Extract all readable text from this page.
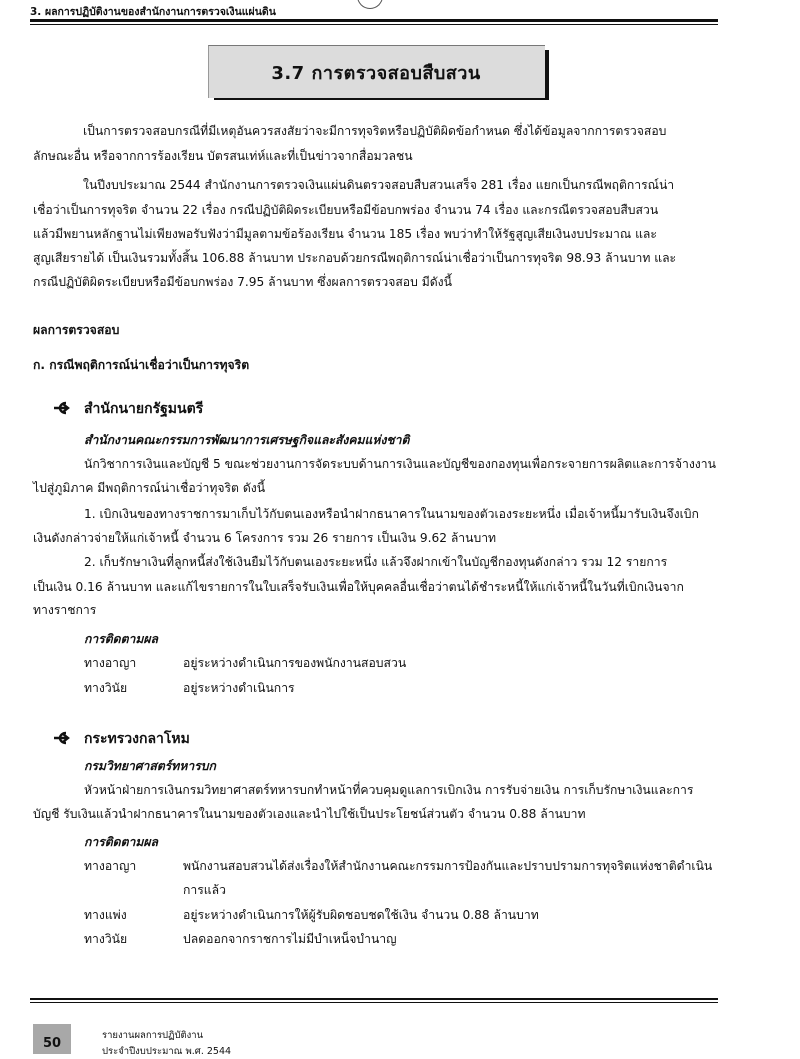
3. ผลการปฏิบัติงานของสำนักงานการตรวจเงินแผ่นดิน
3.7 การตรวจสอบสืบสวน
เป็นการตรวจสอบกรณีที่มีเหตุอันควรสงสัยว่าจะมีการทุจริตหรือปฏิบัติผิดข้อกำหนด ซึ่งได้ข้อมูลจากการตรวจสอบ
ลักษณะอื่น หรือจากการร้องเรียน บัตรสนเท่ห์และที่เป็นข่าวจากสื่อมวลชน
ในปีงบประมาณ 2544 สำนักงานการตรวจเงินแผ่นดินตรวจสอบสืบสวนเสร็จ 281 เรื่อง แยกเป็นกรณีพฤติการณ์น่า
เชื่อว่าเป็นการทุจริต จำนวน 22 เรื่อง กรณีปฏิบัติผิดระเบียบหรือมีข้อบกพร่อง จำนวน 74 เรื่อง และกรณีตรวจสอบสืบสวน
แล้วมีพยานหลักฐานไม่เพียงพอรับฟังว่ามีมูลตามข้อร้องเรียน จำนวน 185 เรื่อง พบว่าทำให้รัฐสูญเสียเงินงบประมาณ และ
สูญเสียรายได้ เป็นเงินรวมทั้งสิ้น 106.88 ล้านบาท ประกอบด้วยกรณีพฤติการณ์น่าเชื่อว่าเป็นการทุจริต 98.93 ล้านบาท และ
กรณีปฏิบัติผิดระเบียบหรือมีข้อบกพร่อง 7.95 ล้านบาท ซึ่งผลการตรวจสอบ มีดังนี้
ผลการตรวจสอบ
ก. กรณีพฤติการณ์น่าเชื่อว่าเป็นการทุจริต
สำนักนายกรัฐมนตรี
สำนักงานคณะกรรมการพัฒนาการเศรษฐกิจและสังคมแห่งชาติ
นักวิชาการเงินและบัญชี 5 ขณะช่วยงานการจัดระบบด้านการเงินและบัญชีของกองทุนเพื่อกระจายการผลิตและการจ้างงาน
ไปสู่ภูมิภาค มีพฤติการณ์น่าเชื่อว่าทุจริต ดังนี้
1. เบิกเงินของทางราชการมาเก็บไว้กับตนเองหรือนำฝากธนาคารในนามของตัวเองระยะหนึ่ง เมื่อเจ้าหนี้มารับเงินจึงเบิก
เงินดังกล่าวจ่ายให้แก่เจ้าหนี้ จำนวน 6 โครงการ รวม 26 รายการ เป็นเงิน 9.62 ล้านบาท
2. เก็บรักษาเงินที่ลูกหนี้ส่งใช้เงินยืมไว้กับตนเองระยะหนึ่ง แล้วจึงฝากเข้าในบัญชีกองทุนดังกล่าว รวม 12 รายการ
เป็นเงิน 0.16 ล้านบาท และแก้ไขรายการในใบเสร็จรับเงินเพื่อให้บุคคลอื่นเชื่อว่าตนได้ชำระหนี้ให้แก่เจ้าหนี้ในวันที่เบิกเงินจาก
ทางราชการ
การติดตามผล
ทางอาญา	อยู่ระหว่างดำเนินการของพนักงานสอบสวน
ทางวินัย	อยู่ระหว่างดำเนินการ
กระทรวงกลาโหม
กรมวิทยาศาสตร์ทหารบก
หัวหน้าฝ่ายการเงินกรมวิทยาศาสตร์ทหารบกทำหน้าที่ควบคุมดูแลการเบิกเงิน การรับจ่ายเงิน การเก็บรักษาเงินและการ
บัญชี รับเงินแล้วนำฝากธนาคารในนามของตัวเองและนำไปใช้เป็นประโยชน์ส่วนตัว จำนวน 0.88 ล้านบาท
การติดตามผล
ทางอาญา	พนักงานสอบสวนได้ส่งเรื่องให้สำนักงานคณะกรรมการป้องกันและปราบปรามการทุจริตแห่งชาติดำเนิน
การแล้ว
ทางแพ่ง	อยู่ระหว่างดำเนินการให้ผู้รับผิดชอบชดใช้เงิน จำนวน 0.88 ล้านบาท
ทางวินัย	ปลดออกจากราชการไม่มีบำเหน็จบำนาญ
50
รายงานผลการปฏิบัติงาน
ประจำปีงบประมาณ พ.ศ. 2544
